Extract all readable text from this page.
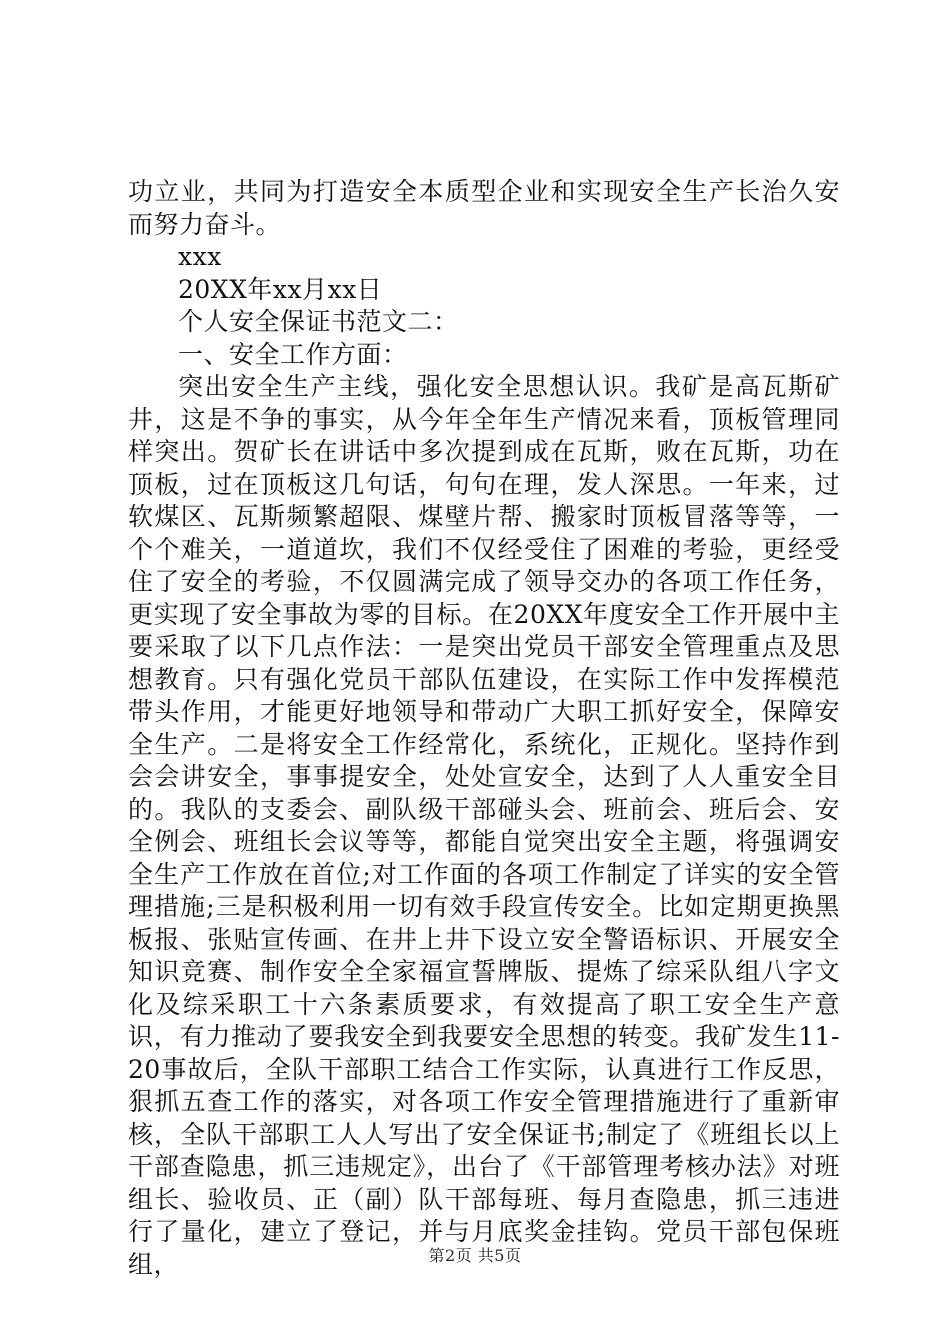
功立业，共同为打造安全本质型企业和实现安全生产长治久安而努力奋斗。

xxx

20XX年xx月xx日

个人安全保证书范文二：

一、安全工作方面：

突出安全生产主线，强化安全思想认识。我矿是高瓦斯矿井，这是不争的事实，从今年全年生产情况来看，顶板管理同样突出。贺矿长在讲话中多次提到成在瓦斯，败在瓦斯，功在顶板，过在顶板这几句话，句句在理，发人深思。一年来，过软煤区、瓦斯频繁超限、煤壁片帮、搬家时顶板冒落等等，一个个难关，一道道坎，我们不仅经受住了困难的考验，更经受住了安全的考验，不仅圆满完成了领导交办的各项工作任务，更实现了安全事故为零的目标。在20XX年度安全工作开展中主要采取了以下几点作法：一是突出党员干部安全管理重点及思想教育。只有强化党员干部队伍建设，在实际工作中发挥模范带头作用，才能更好地领导和带动广大职工抓好安全，保障安全生产。二是将安全工作经常化，系统化，正规化。坚持作到会会讲安全，事事提安全，处处宣安全，达到了人人重安全目的。我队的支委会、副队级干部碰头会、班前会、班后会、安全例会、班组长会议等等，都能自觉突出安全主题，将强调安全生产工作放在首位;对工作面的各项工作制定了详实的安全管理措施;三是积极利用一切有效手段宣传安全。比如定期更换黑板报、张贴宣传画、在井上井下设立安全警语标识、开展安全知识竞赛、制作安全全家福宣誓牌版、提炼了综采队组八字文化及综采职工十六条素质要求，有效提高了职工安全生产意识，有力推动了要我安全到我要安全思想的转变。我矿发生11-20事故后，全队干部职工结合工作实际，认真进行工作反思，狠抓五查工作的落实，对各项工作安全管理措施进行了重新审核，全队干部职工人人写出了安全保证书;制定了《班组长以上干部查隐患，抓三违规定》，出台了《干部管理考核办法》对班组长、验收员、正（副）队干部每班、每月查隐患，抓三违进行了量化，建立了登记，并与月底奖金挂钩。党员干部包保班组，	第2页 共5页
